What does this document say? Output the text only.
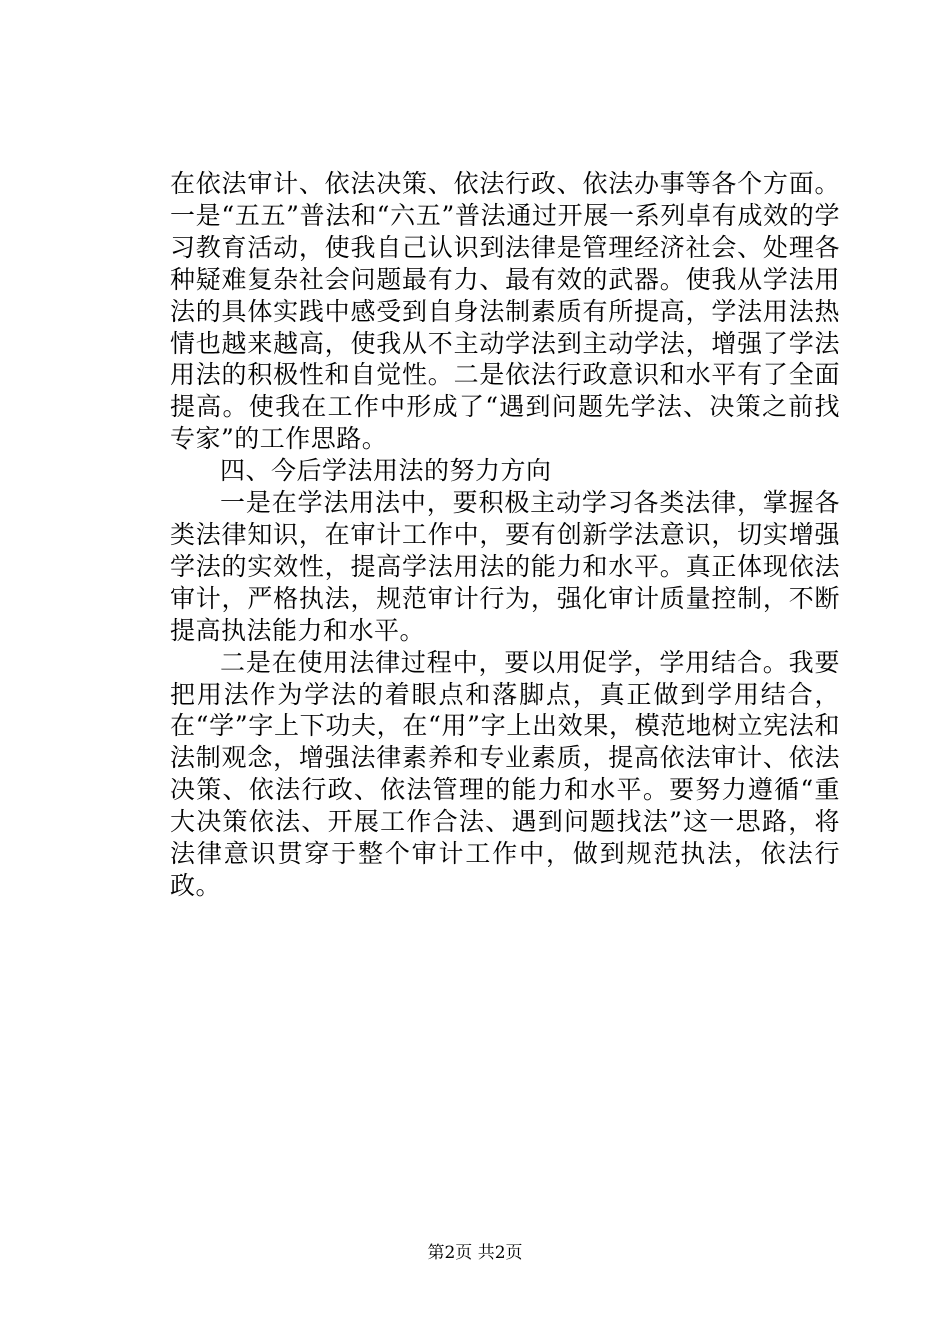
在依法审计、依法决策、依法行政、依法办事等各个方面。一是“五五”普法和“六五”普法通过开展一系列卓有成效的学习教育活动，使我自己认识到法律是管理经济社会、处理各种疑难复杂社会问题最有力、最有效的武器。使我从学法用法的具体实践中感受到自身法制素质有所提高，学法用法热情也越来越高，使我从不主动学法到主动学法，增强了学法用法的积极性和自觉性。二是依法行政意识和水平有了全面提高。使我在工作中形成了“遇到问题先学法、决策之前找专家”的工作思路。

四、今后学法用法的努力方向

一是在学法用法中，要积极主动学习各类法律，掌握各类法律知识，在审计工作中，要有创新学法意识，切实增强学法的实效性，提高学法用法的能力和水平。真正体现依法审计，严格执法，规范审计行为，强化审计质量控制，不断提高执法能力和水平。

二是在使用法律过程中，要以用促学，学用结合。我要把用法作为学法的着眼点和落脚点，真正做到学用结合，在“学”字上下功夫，在“用”字上出效果，模范地树立宪法和法制观念，增强法律素养和专业素质，提高依法审计、依法决策、依法行政、依法管理的能力和水平。要努力遵循“重大决策依法、开展工作合法、遇到问题找法”这一思路，将法律意识贯穿于整个审计工作中，做到规范执法，依法行政。

第2页 共2页
